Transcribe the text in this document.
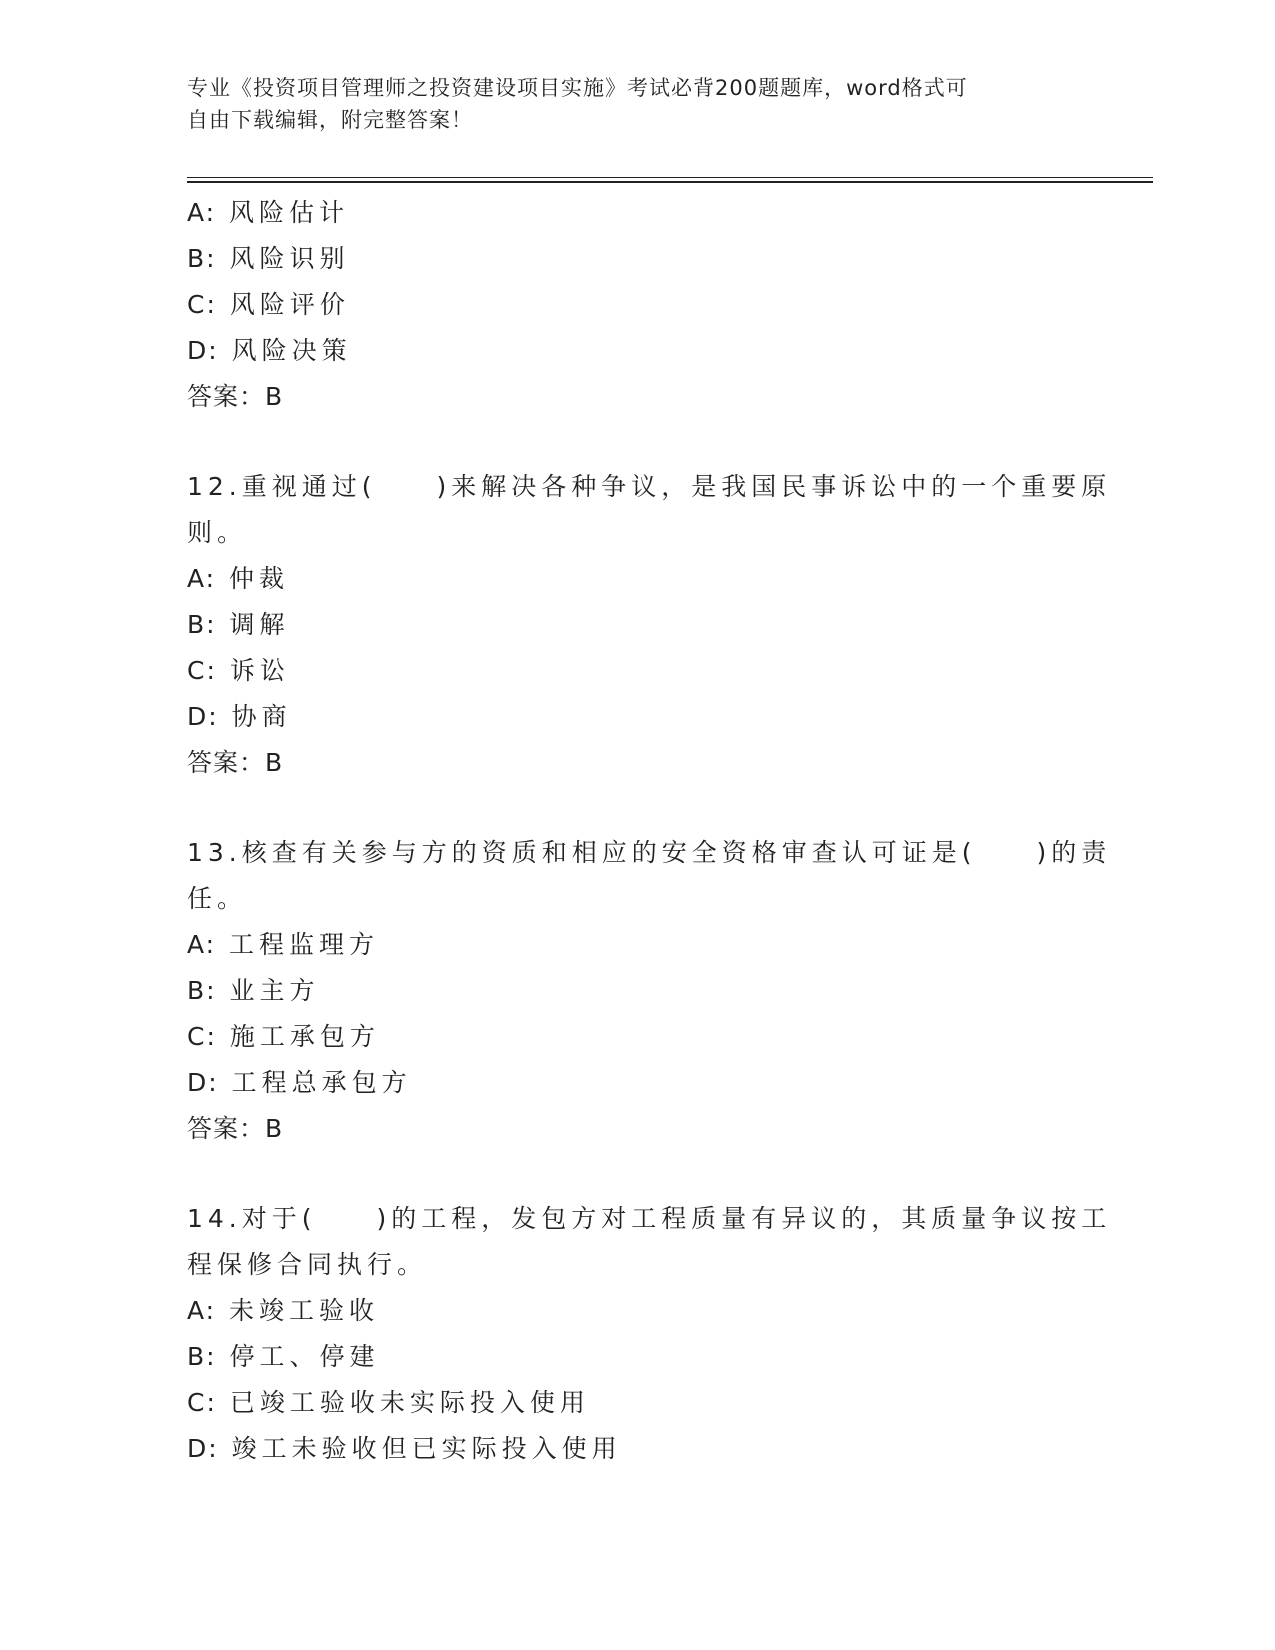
专业《投资项目管理师之投资建设项目实施》考试必背200题题库，word格式可
自由下载编辑，附完整答案！
A: 风险估计
B: 风险识别
C: 风险评价
D: 风险决策
答案：B
12.重视通过(　　)来解决各种争议，是我国民事诉讼中的一个重要原
则。
A: 仲裁
B: 调解
C: 诉讼
D: 协商
答案：B
13.核查有关参与方的资质和相应的安全资格审查认可证是(　　)的责
任。
A: 工程监理方
B: 业主方
C: 施工承包方
D: 工程总承包方
答案：B
14.对于(　　)的工程，发包方对工程质量有异议的，其质量争议按工
程保修合同执行。
A: 未竣工验收
B: 停工、停建
C: 已竣工验收未实际投入使用
D: 竣工未验收但已实际投入使用
